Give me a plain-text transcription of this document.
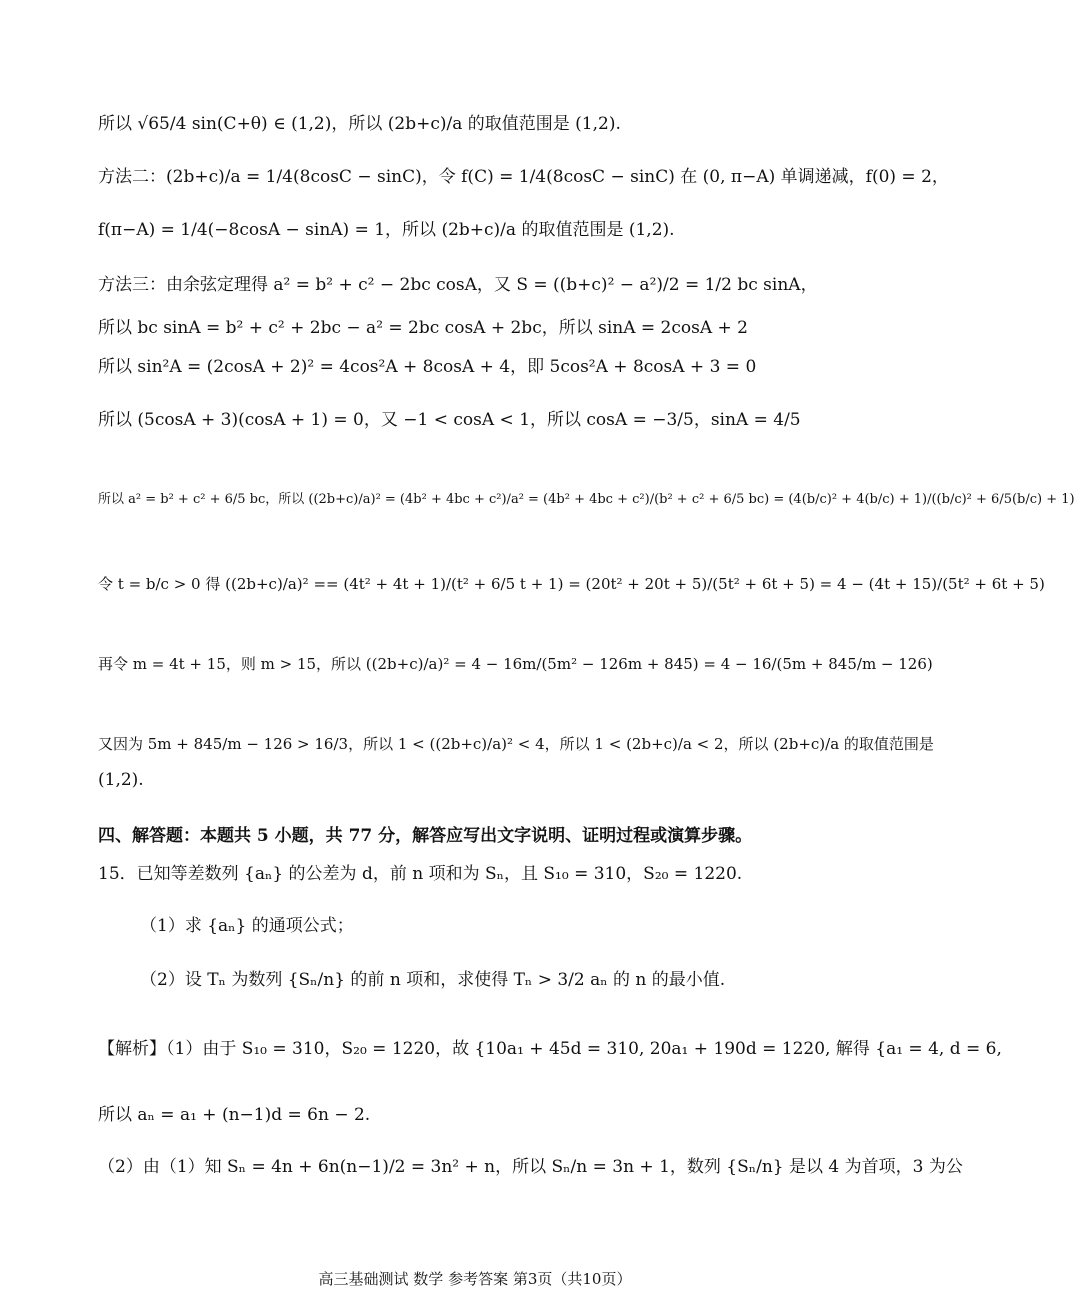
所以 √65/4 sin(C+θ) ∈ (1,2)，所以 (2b+c)/a 的取值范围是 (1,2).
方法二：(2b+c)/a = 1/4(8cosC − sinC)，令 f(C) = 1/4(8cosC − sinC) 在 (0, π−A) 单调递减，f(0) = 2，
f(π−A) = 1/4(−8cosA − sinA) = 1，所以 (2b+c)/a 的取值范围是 (1,2).
方法三：由余弦定理得 a² = b² + c² − 2bc cosA，又 S = ((b+c)² − a²)/2 = 1/2 bc sinA，
所以 bc sinA = b² + c² + 2bc − a² = 2bc cosA + 2bc，所以 sinA = 2cosA + 2
所以 sin²A = (2cosA + 2)² = 4cos²A + 8cosA + 4，即 5cos²A + 8cosA + 3 = 0
所以 (5cosA + 3)(cosA + 1) = 0，又 −1 < cosA < 1，所以 cosA = −3/5，sinA = 4/5
所以 a² = b² + c² + 6/5 bc，所以 ((2b+c)/a)² = (4b² + 4bc + c²)/a² = (4b² + 4bc + c²)/(b² + c² + 6/5 bc) = (4(b/c)² + 4(b/c) + 1)/((b/c)² + 6/5(b/c) + 1)
令 t = b/c > 0 得 ((2b+c)/a)² == (4t² + 4t + 1)/(t² + 6/5 t + 1) = (20t² + 20t + 5)/(5t² + 6t + 5) = 4 − (4t + 15)/(5t² + 6t + 5)
再令 m = 4t + 15，则 m > 15，所以 ((2b+c)/a)² = 4 − 16m/(5m² − 126m + 845) = 4 − 16/(5m + 845/m − 126)
又因为 5m + 845/m − 126 > 16/3，所以 1 < ((2b+c)/a)² < 4，所以 1 < (2b+c)/a < 2，所以 (2b+c)/a 的取值范围是
(1,2).
四、解答题：本题共 5 小题，共 77 分，解答应写出文字说明、证明过程或演算步骤。
15．已知等差数列 {aₙ} 的公差为 d，前 n 项和为 Sₙ，且 S₁₀ = 310，S₂₀ = 1220.
（1）求 {aₙ} 的通项公式；
（2）设 Tₙ 为数列 {Sₙ/n} 的前 n 项和，求使得 Tₙ > 3/2 aₙ 的 n 的最小值.
【解析】（1）由于 S₁₀ = 310，S₂₀ = 1220，故 {10a₁ + 45d = 310, 20a₁ + 190d = 1220, 解得 {a₁ = 4, d = 6,
所以 aₙ = a₁ + (n−1)d = 6n − 2.
（2）由（1）知 Sₙ = 4n + 6n(n−1)/2 = 3n² + n，所以 Sₙ/n = 3n + 1，数列 {Sₙ/n} 是以 4 为首项，3 为公
高三基础测试 数学 参考答案 第3页（共10页）
